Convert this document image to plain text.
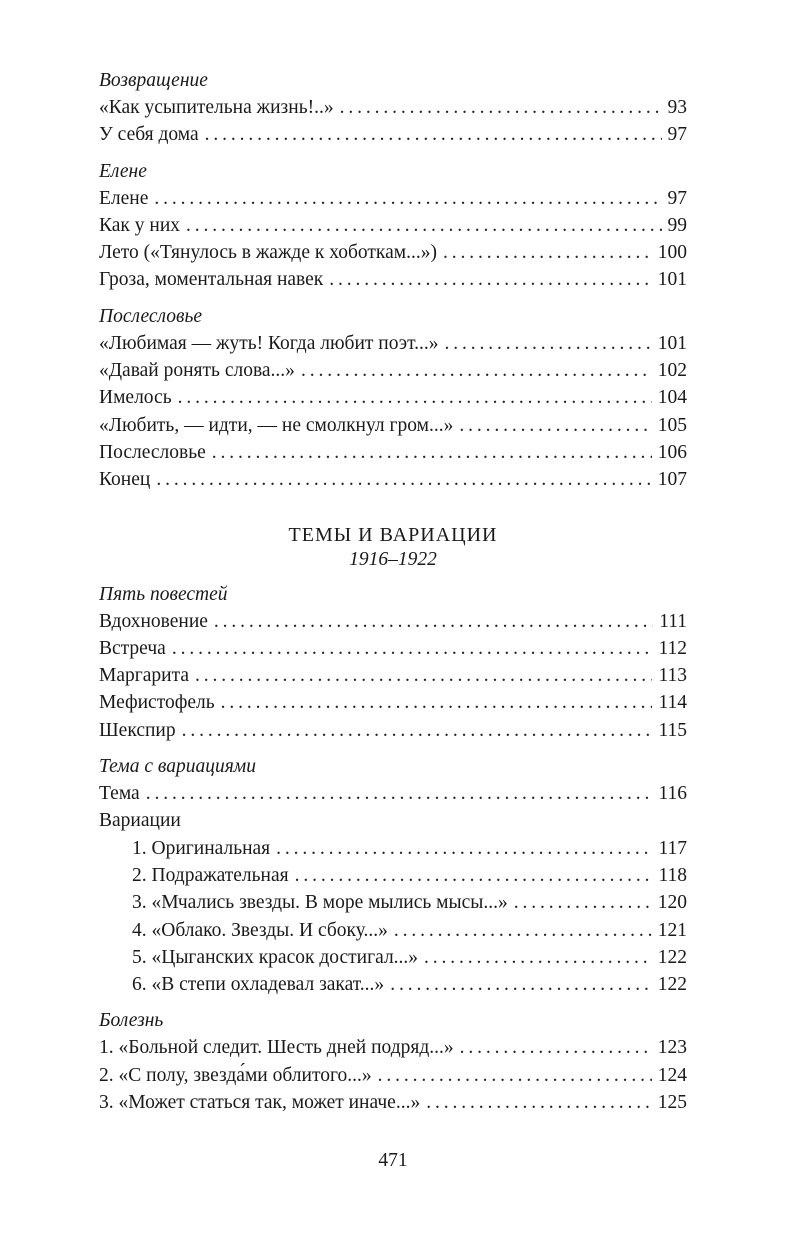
Возвращение
«Как усыпительна жизнь!..» . . .	93
У себя дома . . .	97
Елене
Елене . . .	97
Как у них . . .	99
Лето («Тянулось в жажде к хоботкам...») . . .	100
Гроза, моментальная навек . . .	101
Послесловье
«Любимая — жуть! Когда любит поэт...» . . .	101
«Давай ронять слова...» . . .	102
Имелось . . .	104
«Любить, — идти, — не смолкнул гром...» . . .	105
Послесловье . . .	106
Конец . . .	107
ТЕМЫ И ВАРИАЦИИ
1916–1922
Пять повестей
Вдохновение . . .	111
Встреча . . .	112
Маргарита . . .	113
Мефистофель . . .	114
Шекспир . . .	115
Тема с вариациями
Тема . . .	116
Вариации
1. Оригинальная . . .	117
2. Подражательная . . .	118
3. «Мчались звезды. В море мылись мысы...» . . .	120
4. «Облако. Звезды. И сбоку...» . . .	121
5. «Цыганских красок достигал...» . . .	122
6. «В степи охладевал закат...» . . .	122
Болезнь
1. «Больной следит. Шесть дней подряд...» . . .	123
2. «С полу, звезда́ми облитого...» . . .	124
3. «Может статься так, может иначе...» . . .	125
471
